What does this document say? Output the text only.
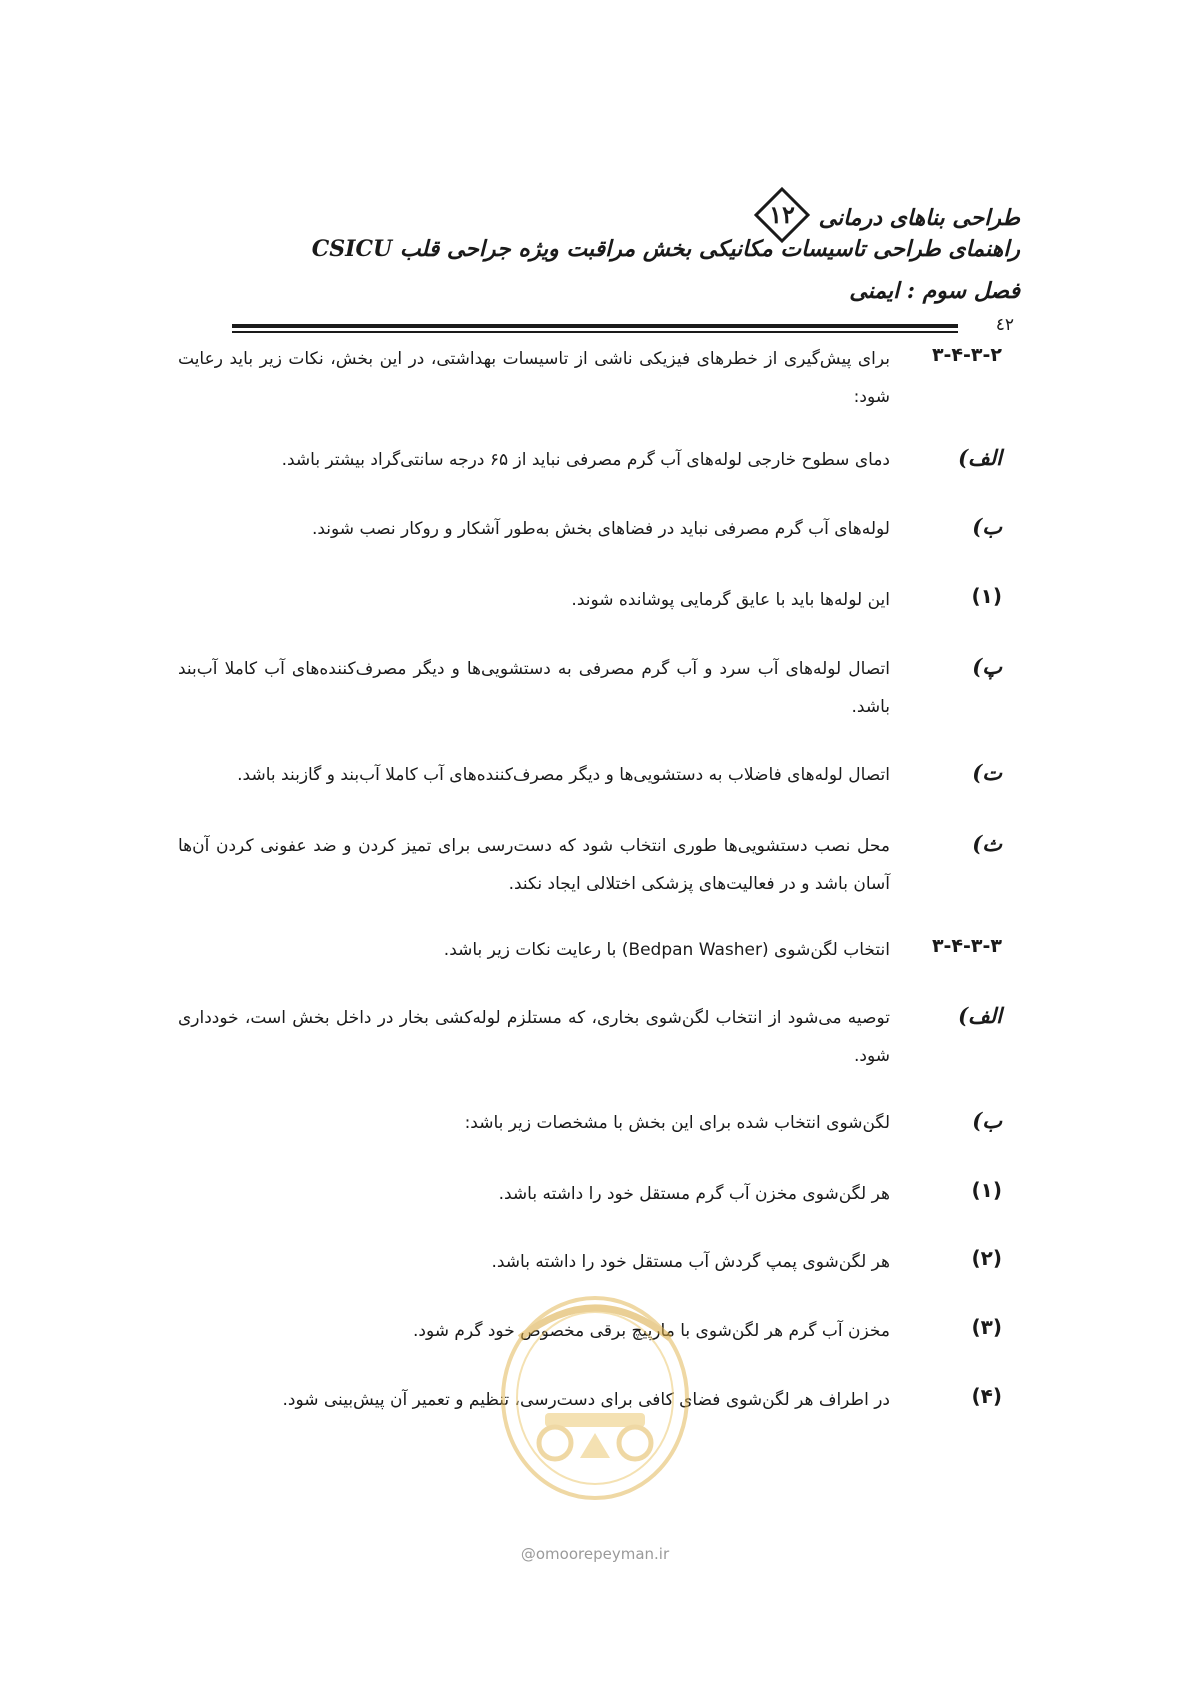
طراحی بناهای درمانی
۱۲
راهنمای طراحی تاسیسات مکانیکی بخش مراقبت ویژه جراحی قلب CSICU
فصل سوم : ایمنی
٤٢
۳-۴-۳-۲
برای پیش‌گیری از خطرهای فیزیکی ناشی از تاسیسات بهداشتی، در این بخش، نکات زیر باید رعایت شود:
الف)
دمای سطوح خارجی لوله‌های آب گرم مصرفی نباید از ۶۵ درجه سانتی‌گراد بیشتر باشد.
ب)
لوله‌های آب گرم مصرفی نباید در فضاهای بخش به‌طور آشکار و روکار نصب شوند.
(۱)
این لوله‌ها باید با عایق گرمایی پوشانده شوند.
پ)
اتصال لوله‌های آب سرد و آب گرم مصرفی به دستشویی‌ها و دیگر مصرف‌کننده‌های آب کاملا آب‌بند باشد.
ت)
اتصال لوله‌های فاضلاب به دستشویی‌ها و دیگر مصرف‌کننده‌های آب کاملا آب‌بند و گازبند باشد.
ث)
محل نصب دستشویی‌ها طوری انتخاب شود که دست‌رسی برای تمیز کردن و ضد عفونی کردن آن‌ها آسان باشد و در فعالیت‌های پزشکی اختلالی ایجاد نکند.
۳-۴-۳-۳
انتخاب لگن‌شوی (Bedpan Washer) با رعایت نکات زیر باشد.
الف)
توصیه می‌شود از انتخاب لگن‌شوی بخاری، که مستلزم لوله‌کشی بخار در داخل بخش است، خودداری شود.
ب)
لگن‌شوی انتخاب شده برای این بخش با مشخصات زیر باشد:
(۱)
هر لگن‌شوی مخزن آب گرم مستقل خود را داشته باشد.
(۲)
هر لگن‌شوی پمپ گردش آب مستقل خود را داشته باشد.
(۳)
مخزن آب گرم هر لگن‌شوی با مارپیچ برقی مخصوص خود گرم شود.
(۴)
در اطراف هر لگن‌شوی فضای کافی برای دست‌رسی، تنظیم و تعمیر آن پیش‌بینی شود.
@omoorepeyman.ir
